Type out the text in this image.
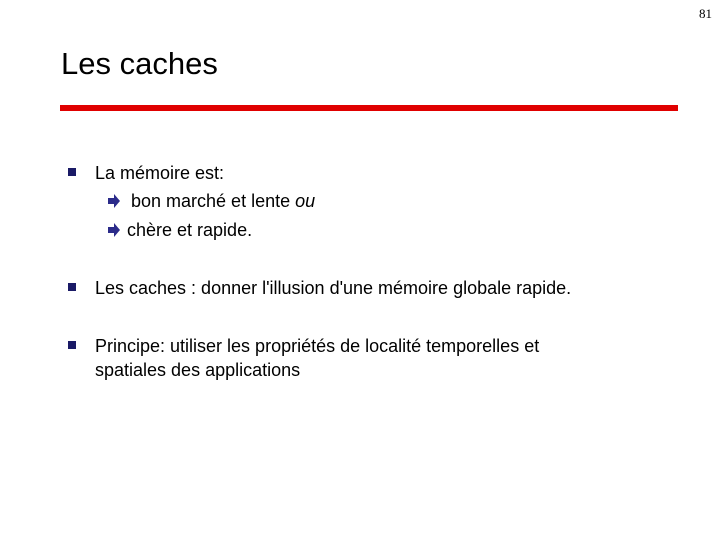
81
Les caches
La mémoire est:
bon marché et lente ou
chère et rapide.
Les caches : donner l'illusion d'une mémoire globale rapide.
Principe: utiliser les propriétés de localité temporelles et
spatiales des applications
